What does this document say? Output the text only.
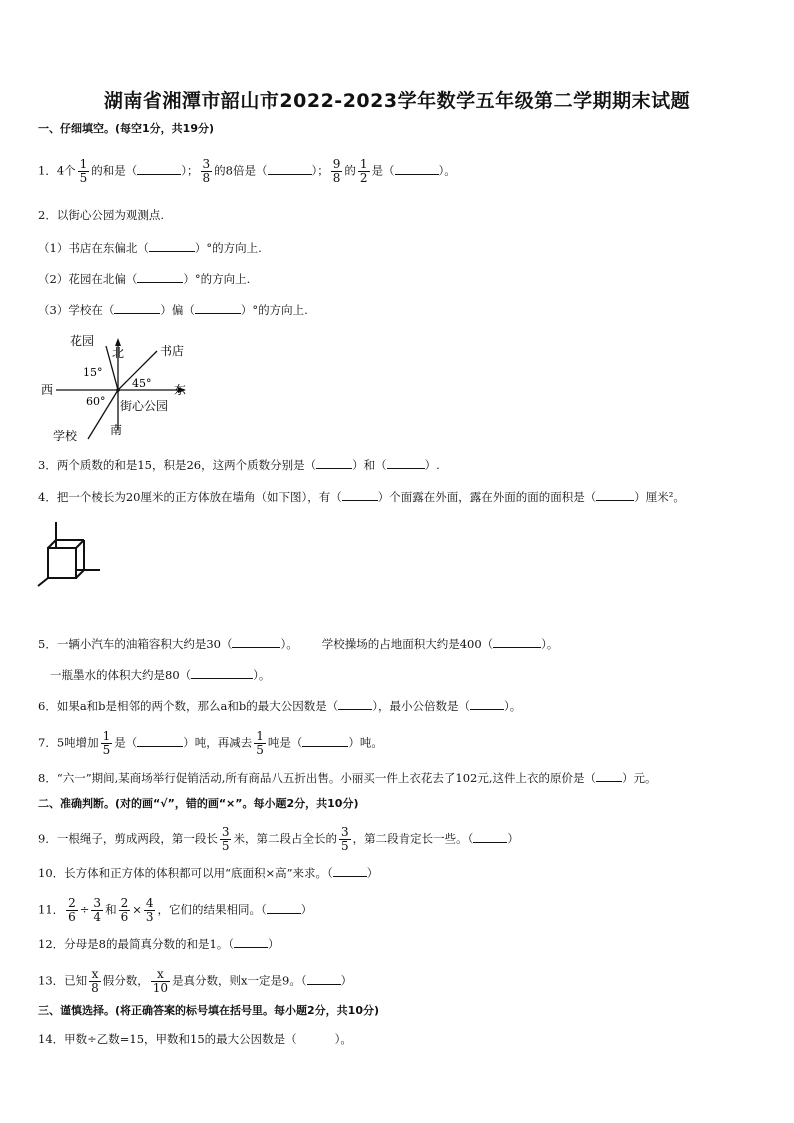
湖南省湘潭市韶山市2022-2023学年数学五年级第二学期期末试题
一、仔细填空。(每空1分，共19分)
1．4个 $\frac{1}{5}$ 的和是（	）； $\frac{3}{8}$ 的8倍是（	）； $\frac{9}{8}$ 的 $\frac{1}{2}$ 是（	）。
2．以街心公园为观测点.
（1）书店在东偏北（	）°的方向上.
（2）花园在北偏（	）°的方向上.
（3）学校在（	）偏（	）°的方向上.
花园
北	书店
15°
45°
西	东
60° 街心公园
南
学校
3．两个质数的和是15，积是26，这两个质数分别是（	）和（	）.
4．把一个棱长为20厘米的正方体放在墙角（如下图），有（	）个面露在外面，露在外面的面的面积是（	）厘米²。
5．一辆小汽车的油箱容积大约是30（	）。 学校操场的占地面积大约是400（	）。
一瓶墨水的体积大约是80（	）。
6．如果a和b是相邻的两个数，那么a和b的最大公因数是（	），最小公倍数是（	）。
7．5吨增加 $\frac{1}{5}$ 是（	）吨，再减去 $\frac{1}{5}$ 吨是（	）吨。
8．“六一”期间,某商场举行促销活动,所有商品八五折出售。小丽买一件上衣花去了102元,这件上衣的原价是（ ）元。
二、准确判断。(对的画“√”，错的画“×”。每小题2分，共10分)
9．一根绳子，剪成两段，第一段长 $\frac{3}{5}$ 米，第二段占全长的 $\frac{3}{5}$ ，第二段肯定长一些。（	）
10．长方体和正方体的体积都可以用“底面积×高”来求。（	）
11． $\frac{2}{6} \div \frac{3}{4}$ 和 $\frac{2}{6} \times \frac{4}{3}$ ，它们的结果相同。（	）
12．分母是8的最简真分数的和是1。（	）
13．已知 $\frac{x}{8}$ 假分数， $\frac{x}{10}$ 是真分数，则x一定是9。（	）
三、谨慎选择。(将正确答案的标号填在括号里。每小题2分，共10分)
14．甲数÷乙数=15，甲数和15的最大公因数是（	）。
